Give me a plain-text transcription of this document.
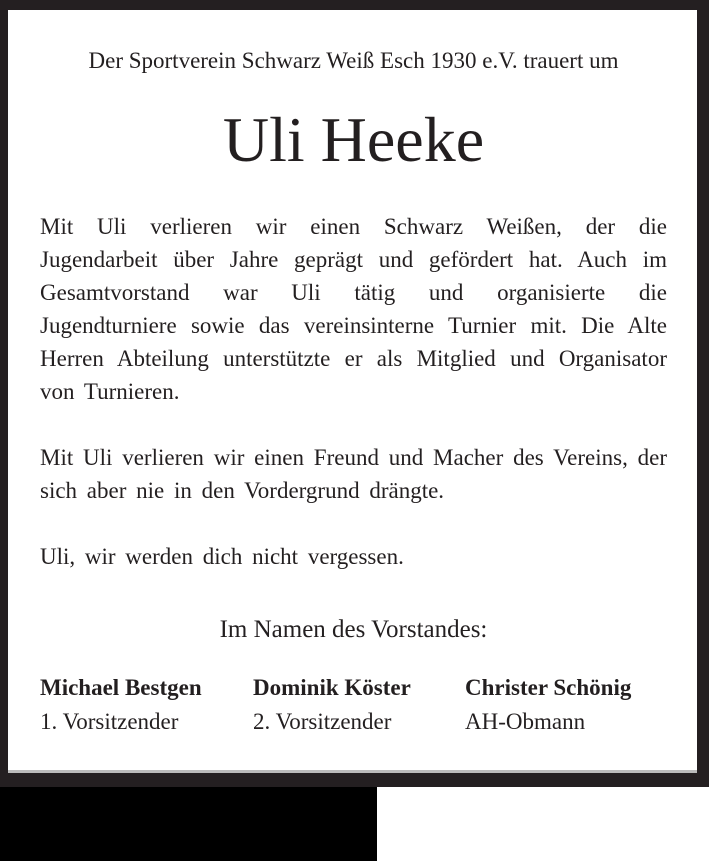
Der Sportverein Schwarz Weiß Esch 1930 e.V. trauert um

Uli Heeke

Mit Uli verlieren wir einen Schwarz Weißen, der die Jugendarbeit über Jahre geprägt und gefördert hat. Auch im Gesamtvorstand war Uli tätig und organisierte die Jugendturniere sowie das vereinsinterne Turnier mit. Die Alte Herren Abteilung unterstützte er als Mitglied und Organisator von Turnieren.

Mit Uli verlieren wir einen Freund und Macher des Vereins, der sich aber nie in den Vordergrund drängte.

Uli, wir werden dich nicht vergessen.

Im Namen des Vorstandes:

Michael Bestgen
1. Vorsitzender
Dominik Köster
2. Vorsitzender
Christer Schönig
AH-Obmann
